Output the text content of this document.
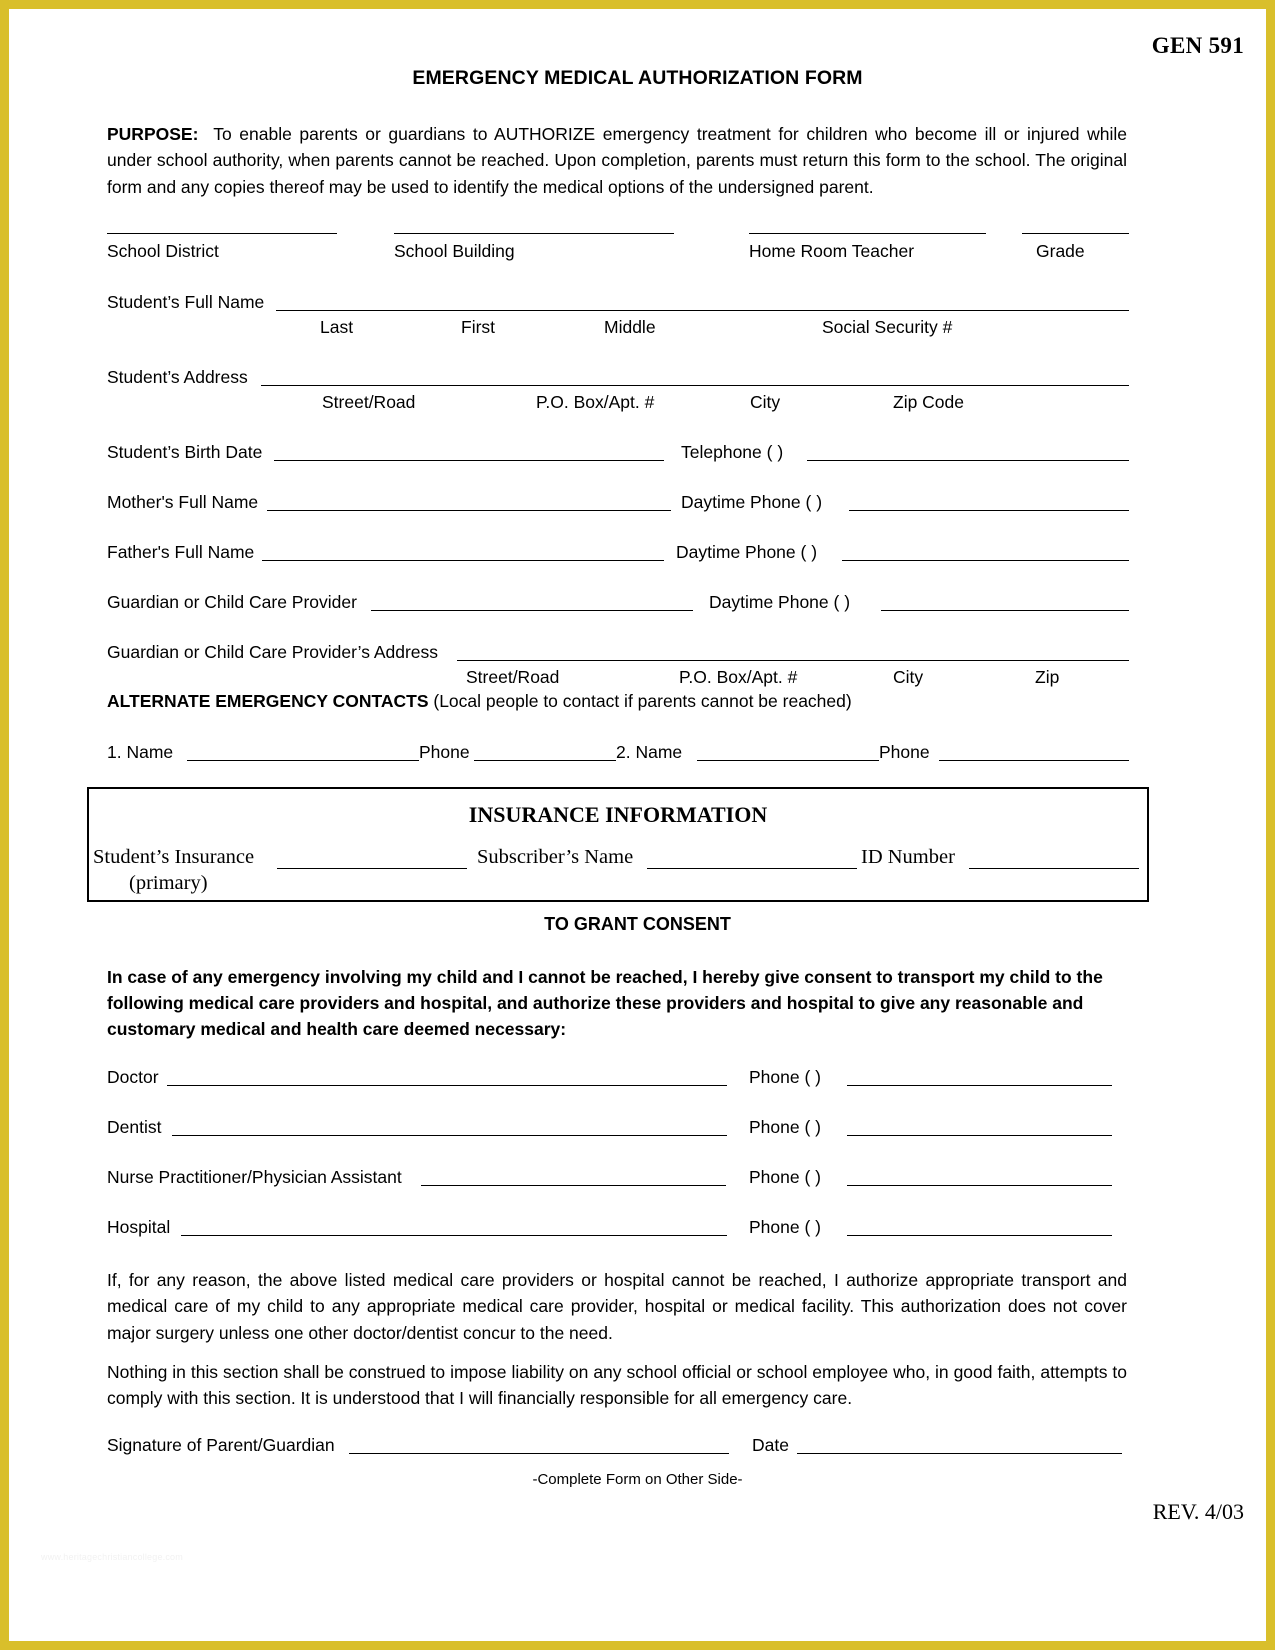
GEN 591
EMERGENCY MEDICAL AUTHORIZATION FORM
PURPOSE: To enable parents or guardians to AUTHORIZE emergency treatment for children who become ill or injured while under school authority, when parents cannot be reached. Upon completion, parents must return this form to the school. The original form and any copies thereof may be used to identify the medical options of the undersigned parent.
School District	School Building	Home Room Teacher	Grade
Student’s Full Name
Last	First	Middle	Social Security #
Student’s Address
Street/Road	P.O. Box/Apt. #	City	Zip Code
Student’s Birth Date	Telephone ( )
Mother's Full Name	Daytime Phone ( )
Father's Full Name	Daytime Phone ( )
Guardian or Child Care Provider	Daytime Phone ( )
Guardian or Child Care Provider’s Address
Street/Road	P.O. Box/Apt. #	City	Zip
ALTERNATE EMERGENCY CONTACTS (Local people to contact if parents cannot be reached)
1. Name	Phone	2. Name	Phone
INSURANCE INFORMATION
Student’s Insurance
(primary)
Subscriber’s Name	ID Number
TO GRANT CONSENT
In case of any emergency involving my child and I cannot be reached, I hereby give consent to transport my child to the following medical care providers and hospital, and authorize these providers and hospital to give any reasonable and customary medical and health care deemed necessary:
Doctor	Phone ( )
Dentist	Phone ( )
Nurse Practitioner/Physician Assistant	Phone ( )
Hospital	Phone ( )
If, for any reason, the above listed medical care providers or hospital cannot be reached, I authorize appropriate transport and medical care of my child to any appropriate medical care provider, hospital or medical facility. This authorization does not cover major surgery unless one other doctor/dentist concur to the need.
Nothing in this section shall be construed to impose liability on any school official or school employee who, in good faith, attempts to comply with this section. It is understood that I will financially responsible for all emergency care.
Signature of Parent/Guardian	Date
-Complete Form on Other Side-
REV. 4/03
www.heritagechristiancollege.com
